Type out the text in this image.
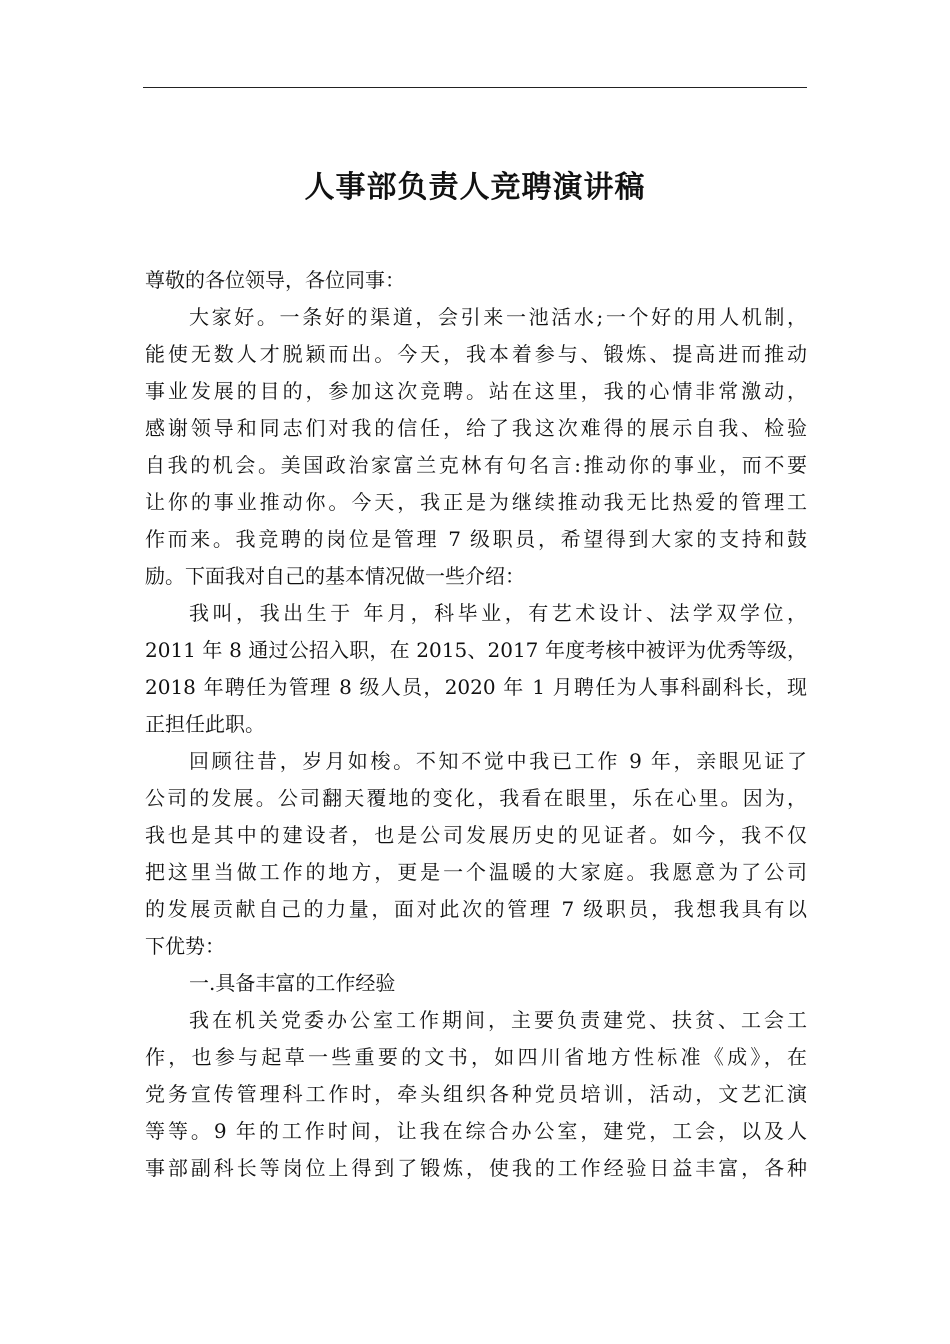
人事部负责人竞聘演讲稿
尊敬的各位领导，各位同事：
大家好。一条好的渠道，会引来一池活水;一个好的用人机制，
能使无数人才脱颖而出。今天，我本着参与、锻炼、提高进而推动
事业发展的目的，参加这次竞聘。站在这里，我的心情非常激动，
感谢领导和同志们对我的信任，给了我这次难得的展示自我、检验
自我的机会。美国政治家富兰克林有句名言:推动你的事业，而不要
让你的事业推动你。今天，我正是为继续推动我无比热爱的管理工
作而来。我竞聘的岗位是管理 7 级职员，希望得到大家的支持和鼓
励。下面我对自己的基本情况做一些介绍：
我叫，我出生于 年月，科毕业，有艺术设计、法学双学位，
2011 年 8 通过公招入职，在 2015、2017 年度考核中被评为优秀等级，
2018 年聘任为管理 8 级人员，2020 年 1 月聘任为人事科副科长，现
正担任此职。
回顾往昔，岁月如梭。不知不觉中我已工作 9 年，亲眼见证了
公司的发展。公司翻天覆地的变化，我看在眼里，乐在心里。因为，
我也是其中的建设者，也是公司发展历史的见证者。如今，我不仅
把这里当做工作的地方，更是一个温暖的大家庭。我愿意为了公司
的发展贡献自己的力量，面对此次的管理 7 级职员，我想我具有以
下优势：
一.具备丰富的工作经验
我在机关党委办公室工作期间，主要负责建党、扶贫、工会工
作，也参与起草一些重要的文书，如四川省地方性标准《成》，在
党务宣传管理科工作时，牵头组织各种党员培训，活动，文艺汇演
等等。9 年的工作时间，让我在综合办公室，建党，工会，以及人
事部副科长等岗位上得到了锻炼，使我的工作经验日益丰富，各种
